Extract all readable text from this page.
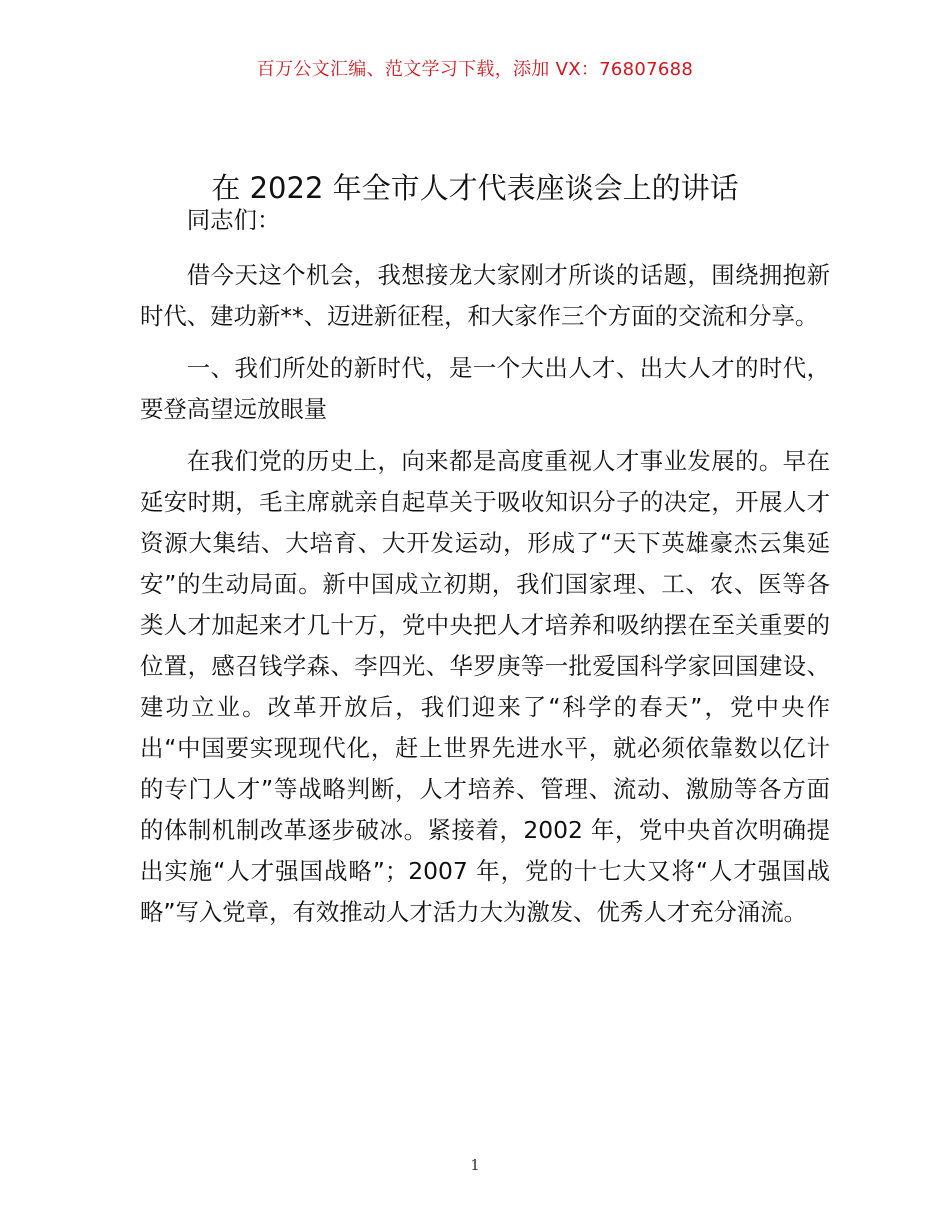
百万公文汇编、范文学习下载，添加 VX：76807688
在 2022 年全市人才代表座谈会上的讲话

同志们：

借今天这个机会，我想接龙大家刚才所谈的话题，围绕拥抱新时代、建功新**、迈进新征程，和大家作三个方面的交流和分享。

一、我们所处的新时代，是一个大出人才、出大人才的时代，要登高望远放眼量

在我们党的历史上，向来都是高度重视人才事业发展的。早在延安时期，毛主席就亲自起草关于吸收知识分子的决定，开展人才资源大集结、大培育、大开发运动，形成了“天下英雄豪杰云集延安”的生动局面。新中国成立初期，我们国家理、工、农、医等各类人才加起来才几十万，党中央把人才培养和吸纳摆在至关重要的位置，感召钱学森、李四光、华罗庚等一批爱国科学家回国建设、建功立业。改革开放后，我们迎来了“科学的春天”，党中央作出“中国要实现现代化，赶上世界先进水平，就必须依靠数以亿计的专门人才”等战略判断，人才培养、管理、流动、激励等各方面的体制机制改革逐步破冰。紧接着，2002 年，党中央首次明确提出实施“人才强国战略”；2007 年，党的十七大又将“人才强国战略”写入党章，有效推动人才活力大为激发、优秀人才充分涌流。

1
